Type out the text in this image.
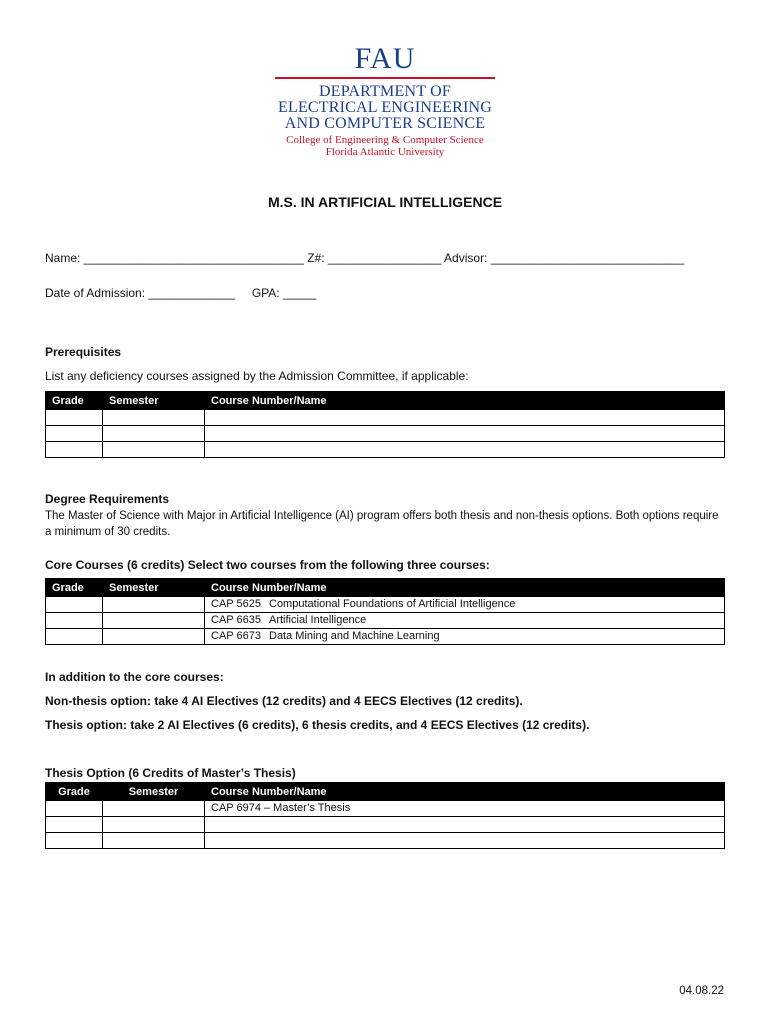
FAU
DEPARTMENT OF
ELECTRICAL ENGINEERING
AND COMPUTER SCIENCE
College of Engineering & Computer Science
Florida Atlantic University
M.S. IN ARTIFICIAL INTELLIGENCE
Name: _________________________________ Z#: _________________ Advisor: _____________________________
Date of Admission: _____________     GPA: _____
Prerequisites
List any deficiency courses assigned by the Admission Committee, if applicable:
Grade	Semester	Course Number/Name

Degree Requirements
The Master of Science with Major in Artificial Intelligence (AI) program offers both thesis and non-thesis options. Both options require a minimum of 30 credits.
Core Courses (6 credits) Select two courses from the following three courses:
Grade	Semester	Course Number/Name
		CAP 5625 Computational Foundations of Artificial Intelligence
		CAP 6635 Artificial Intelligence
		CAP 6673 Data Mining and Machine Learning
In addition to the core courses:
Non-thesis option: take 4 AI Electives (12 credits) and 4 EECS Electives (12 credits).
Thesis option: take 2 AI Electives (6 credits), 6 thesis credits, and 4 EECS Electives (12 credits).
Thesis Option (6 Credits of Master’s Thesis)
Grade	Semester	Course Number/Name
		CAP 6974 – Master’s Thesis

04.08.22
